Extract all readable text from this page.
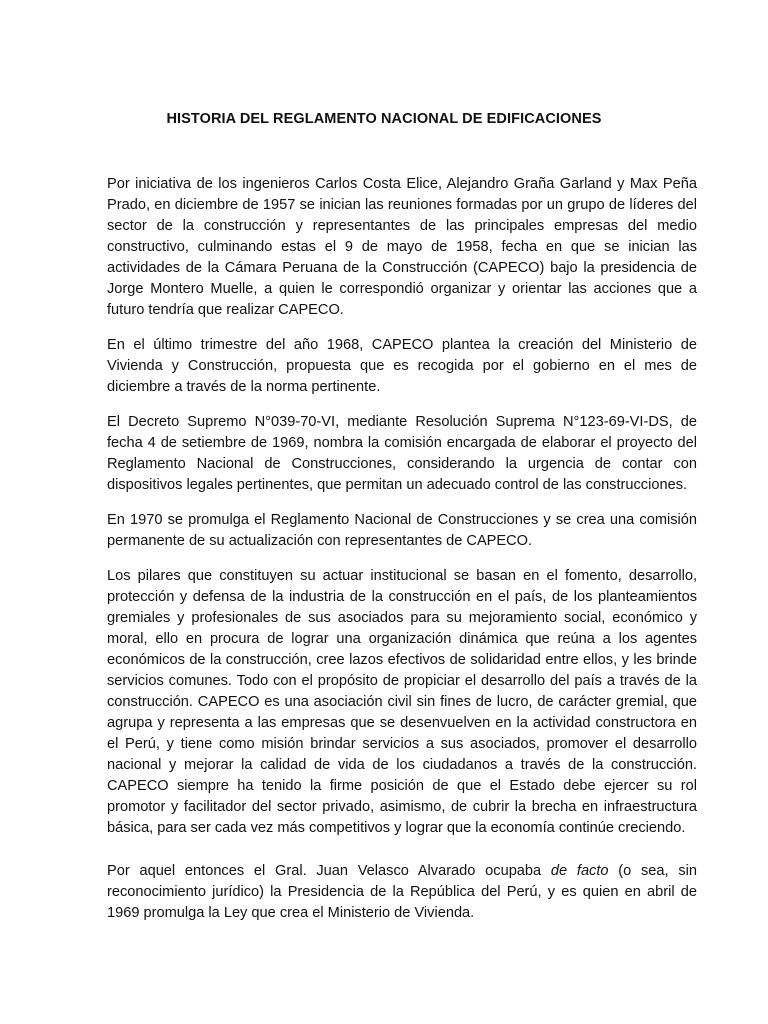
HISTORIA DEL REGLAMENTO NACIONAL DE EDIFICACIONES

Por iniciativa de los ingenieros Carlos Costa Elice, Alejandro Graña Garland y Max Peña Prado, en diciembre de 1957 se inician las reuniones formadas por un grupo de líderes del sector de la construcción y representantes de las principales empresas del medio constructivo, culminando estas el 9 de mayo de 1958, fecha en que se inician las actividades de la Cámara Peruana de la Construcción (CAPECO) bajo la presidencia de Jorge Montero Muelle, a quien le correspondió organizar y orientar las acciones que a futuro tendría que realizar CAPECO.

En el último trimestre del año 1968, CAPECO plantea la creación del Ministerio de Vivienda y Construcción, propuesta que es recogida por el gobierno en el mes de diciembre a través de la norma pertinente.

El Decreto Supremo N°039-70-VI, mediante Resolución Suprema N°123-69-VI-DS, de fecha 4 de setiembre de 1969, nombra la comisión encargada de elaborar el proyecto del Reglamento Nacional de Construcciones, considerando la urgencia de contar con dispositivos legales pertinentes, que permitan un adecuado control de las construcciones.

En 1970 se promulga el Reglamento Nacional de Construcciones y se crea una comisión permanente de su actualización con representantes de CAPECO.

Los pilares que constituyen su actuar institucional se basan en el fomento, desarrollo, protección y defensa de la industria de la construcción en el país, de los planteamientos gremiales y profesionales de sus asociados para su mejoramiento social, económico y moral, ello en procura de lograr una organización dinámica que reúna a los agentes económicos de la construcción, cree lazos efectivos de solidaridad entre ellos, y les brinde servicios comunes. Todo con el propósito de propiciar el desarrollo del país a través de la construcción. CAPECO es una asociación civil sin fines de lucro, de carácter gremial, que agrupa y representa a las empresas que se desenvuelven en la actividad constructora en el Perú, y tiene como misión brindar servicios a sus asociados, promover el desarrollo nacional y mejorar la calidad de vida de los ciudadanos a través de la construcción. CAPECO siempre ha tenido la firme posición de que el Estado debe ejercer su rol promotor y facilitador del sector privado, asimismo, de cubrir la brecha en infraestructura básica, para ser cada vez más competitivos y lograr que la economía continúe creciendo.

Por aquel entonces el Gral. Juan Velasco Alvarado ocupaba de facto (o sea, sin reconocimiento jurídico) la Presidencia de la República del Perú, y es quien en abril de 1969 promulga la Ley que crea el Ministerio de Vivienda.
